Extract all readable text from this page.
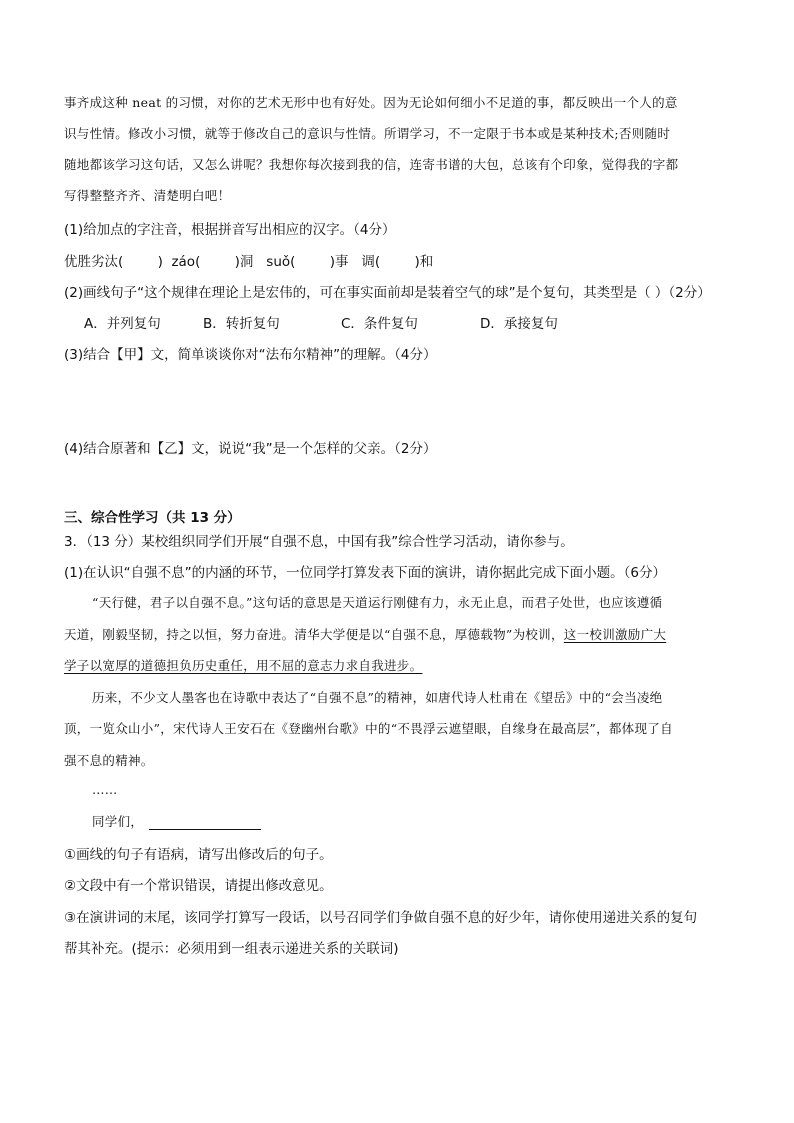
事齐成这种 neat 的习惯，对你的艺术无形中也有好处。因为无论如何细小不足道的事，都反映出一个人的意
识与性情。修改小习惯，就等于修改自己的意识与性情。所谓学习，不一定限于书本或是某种技术;否则随时
随地都该学习这句话，又怎么讲呢？我想你每次接到我的信，连寄书谱的大包，总该有个印象，觉得我的字都
写得整整齐齐、清楚明白吧！
(1)给加点的字注音，根据拼音写出相应的汉字。（4分）
优胜劣汰(        )  záo(        )洞   suǒ(        )事   调(        )和
(2)画线句子“这个规律在理论上是宏伟的，可在事实面前却是装着空气的球”是个复句，其类型是（ ）（2分）
A．并列复句	B．转折复句	C．条件复句	D．承接复句
(3)结合【甲】文，简单谈谈你对“法布尔精神”的理解。（4分）
(4)结合原著和【乙】文，说说“我”是一个怎样的父亲。（2分）
三、综合性学习（共 13 分）
3．（13 分）某校组织同学们开展“自强不息，中国有我”综合性学习活动，请你参与。
(1)在认识“自强不息”的内涵的环节，一位同学打算发表下面的演讲，请你据此完成下面小题。（6分）
“天行健，君子以自强不息。”这句话的意思是天道运行刚健有力，永无止息，而君子处世，也应该遵循
天道，刚毅坚韧，持之以恒，努力奋进。清华大学便是以“自强不息，厚德载物”为校训，这一校训激励广大
学子以宽厚的道德担负历史重任，用不屈的意志力求自我进步。
历来，不少文人墨客也在诗歌中表达了“自强不息”的精神，如唐代诗人杜甫在《望岳》中的“会当凌绝
顶，一览众山小”，宋代诗人王安石在《登幽州台歌》中的“不畏浮云遮望眼，自缘身在最高层”，都体现了自
强不息的精神。
……
同学们，
①画线的句子有语病，请写出修改后的句子。
②文段中有一个常识错误，请提出修改意见。
③在演讲词的末尾，该同学打算写一段话，以号召同学们争做自强不息的好少年，请你使用递进关系的复句
帮其补充。(提示：必须用到一组表示递进关系的关联词)
